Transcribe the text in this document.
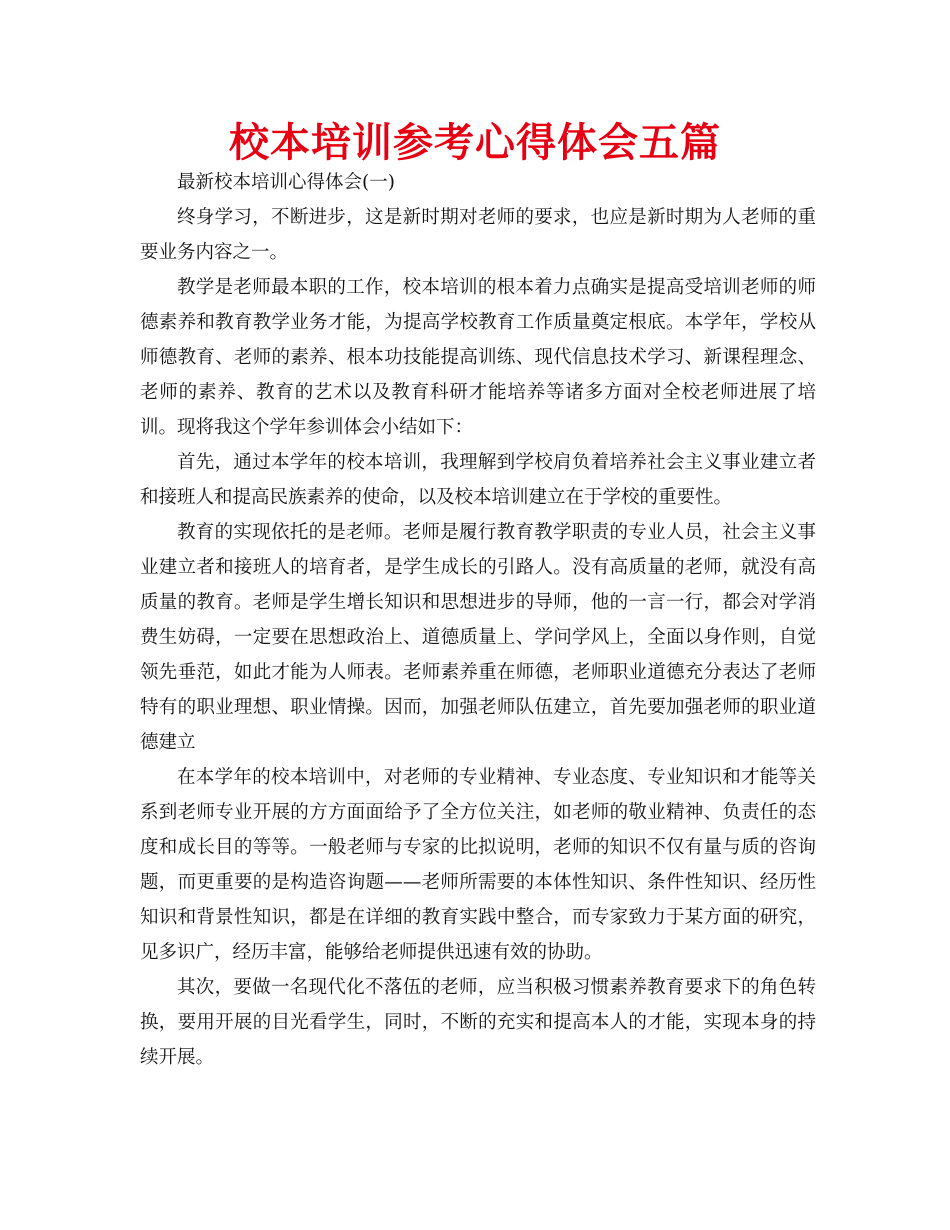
校本培训参考心得体会五篇

最新校本培训心得体会(一)

终身学习，不断进步，这是新时期对老师的要求，也应是新时期为人老师的重要业务内容之一。

教学是老师最本职的工作，校本培训的根本着力点确实是提高受培训老师的师德素养和教育教学业务才能，为提高学校教育工作质量奠定根底。本学年，学校从师德教育、老师的素养、根本功技能提高训练、现代信息技术学习、新课程理念、老师的素养、教育的艺术以及教育科研才能培养等诸多方面对全校老师进展了培训。现将我这个学年参训体会小结如下：

首先，通过本学年的校本培训，我理解到学校肩负着培养社会主义事业建立者和接班人和提高民族素养的使命，以及校本培训建立在于学校的重要性。

教育的实现依托的是老师。老师是履行教育教学职责的专业人员，社会主义事业建立者和接班人的培育者，是学生成长的引路人。没有高质量的老师，就没有高质量的教育。老师是学生增长知识和思想进步的导师，他的一言一行，都会对学消费生妨碍，一定要在思想政治上、道德质量上、学问学风上，全面以身作则，自觉领先垂范，如此才能为人师表。老师素养重在师德，老师职业道德充分表达了老师特有的职业理想、职业情操。因而，加强老师队伍建立，首先要加强老师的职业道德建立

在本学年的校本培训中，对老师的专业精神、专业态度、专业知识和才能等关系到老师专业开展的方方面面给予了全方位关注，如老师的敬业精神、负责任的态度和成长目的等等。一般老师与专家的比拟说明，老师的知识不仅有量与质的咨询题，而更重要的是构造咨询题——老师所需要的本体性知识、条件性知识、经历性知识和背景性知识，都是在详细的教育实践中整合，而专家致力于某方面的研究，见多识广，经历丰富，能够给老师提供迅速有效的协助。

其次，要做一名现代化不落伍的老师，应当积极习惯素养教育要求下的角色转换，要用开展的目光看学生，同时，不断的充实和提高本人的才能，实现本身的持续开展。
